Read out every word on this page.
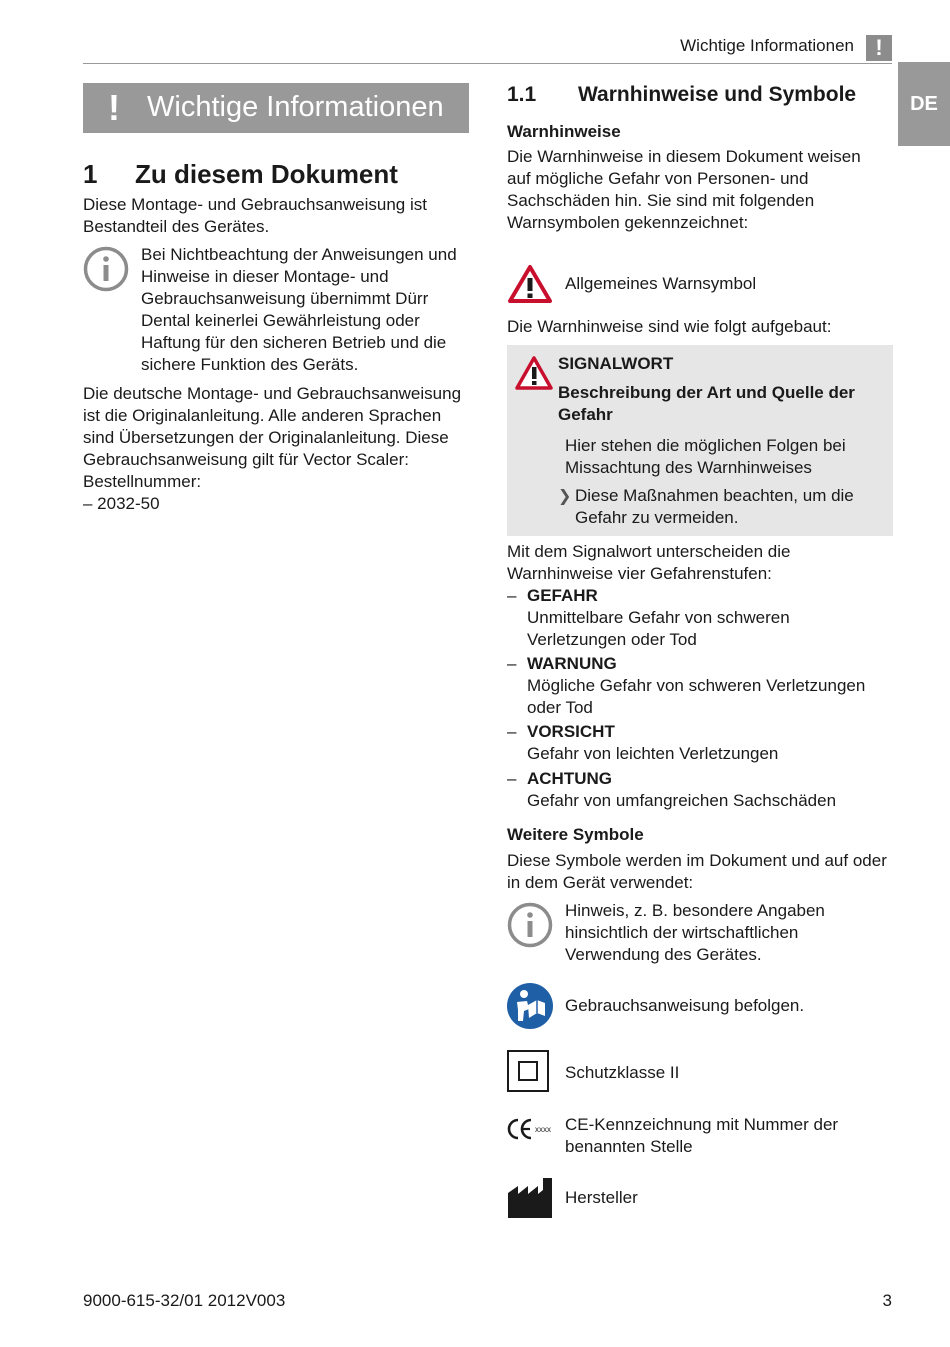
Wichtige Informationen !
DE
! Wichtige Informationen
1 Zu diesem Dokument
Diese Montage- und Gebrauchsanweisung ist Bestandteil des Gerätes.
Bei Nichtbeachtung der Anweisungen und Hinweise in dieser Montage- und Gebrauchsanweisung übernimmt Dürr Dental keinerlei Gewährleistung oder Haftung für den sicheren Betrieb und die sichere Funktion des Geräts.
Die deutsche Montage- und Gebrauchsanweisung ist die Originalanleitung. Alle anderen Sprachen sind Übersetzungen der Originalanleitung. Diese Gebrauchsanweisung gilt für Vector Scaler: Bestellnummer:
– 2032-50
1.1 Warnhinweise und Symbole
Warnhinweise
Die Warnhinweise in diesem Dokument weisen auf mögliche Gefahr von Personen- und Sachschäden hin. Sie sind mit folgenden Warnsymbolen gekennzeichnet:
Allgemeines Warnsymbol
Die Warnhinweise sind wie folgt aufgebaut:
SIGNALWORT
Beschreibung der Art und Quelle der Gefahr
Hier stehen die möglichen Folgen bei Missachtung des Warnhinweises
❯ Diese Maßnahmen beachten, um die Gefahr zu vermeiden.
Mit dem Signalwort unterscheiden die Warnhinweise vier Gefahrenstufen:
– GEFAHR
Unmittelbare Gefahr von schweren Verletzungen oder Tod
– WARNUNG
Mögliche Gefahr von schweren Verletzungen oder Tod
– VORSICHT
Gefahr von leichten Verletzungen
– ACHTUNG
Gefahr von umfangreichen Sachschäden
Weitere Symbole
Diese Symbole werden im Dokument und auf oder in dem Gerät verwendet:
Hinweis, z. B. besondere Angaben hinsichtlich der wirtschaftlichen Verwendung des Gerätes.
Gebrauchsanweisung befolgen.
Schutzklasse II
xxxx CE-Kennzeichnung mit Nummer der benannten Stelle
Hersteller
9000-615-32/01 2012V003	3
